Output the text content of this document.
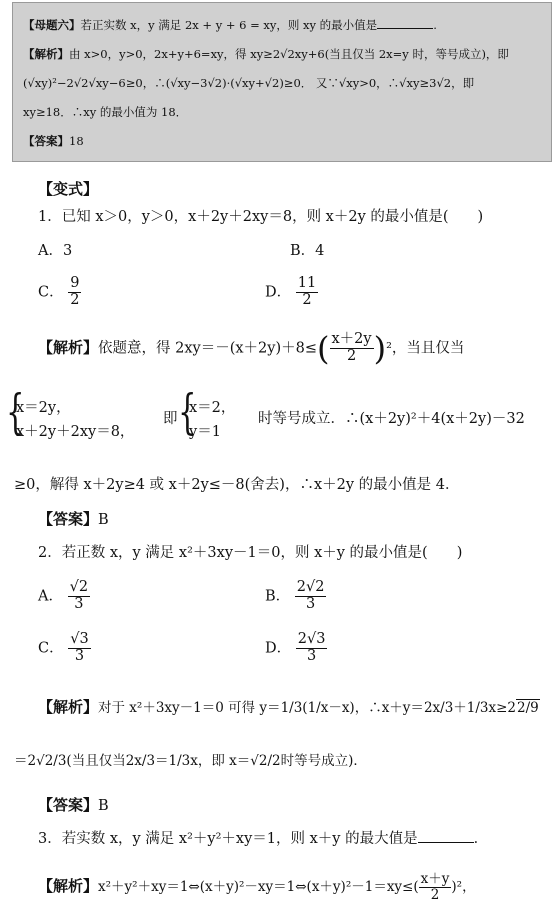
【母题六】若正实数 x，y 满足 2x + y + 6 = xy，则 xy 的最小值是	.

【解析】由 x>0，y>0，2x+y+6=xy，得 xy≥2√2xy+6(当且仅当 2x=y 时，等号成立)，即

(√xy)²−2√2√xy−6≥0，∴(√xy−3√2)·(√xy+√2)≥0． 又∵√xy>0，∴√xy≥3√2，即

xy≥18．∴xy 的最小值为 18．

【答案】18

【变式】
1．已知 x＞0，y＞0，x＋2y＋2xy＝8，则 x＋2y 的最小值是(　　)
A．3	B．4
C． $\frac{9}{2}$	D． $\frac{11}{2}$
【解析】依题意，得 $2xy=-(x+2y)+8\le( \frac{x+2y}{2} )^2$，当且仅当
{
x＝2y，
x＋2y＋2xy＝8，
即 {
x＝2，
y＝1
时等号成立．∴(x＋2y)²＋4(x＋2y)－32
≥0，解得 x＋2y≥4 或 x＋2y≤－8(舍去)，∴x＋2y 的最小值是 4．
【答案】B
2．若正数 x，y 满足 x²＋3xy－1＝0，则 x＋y 的最小值是(　　)
A． $\frac{√2}{3}$	B． $\frac{2√2}{3}$
C． $\frac{√3}{3}$	D． $\frac{2√3}{3}$
【解析】对于 x²＋3xy－1＝0 可得 y＝1/3(1/x－x)，∴x＋y＝2x/3＋1/3x≥22/9
＝2√2/3(当且仅当2x/3＝1/3x，即 x＝√2/2时等号成立)．
【答案】B
3．若实数 x，y 满足 x²＋y²＋xy＝1，则 x＋y 的最大值是	．
【解析】x²＋y²＋xy＝1⇔(x＋y)²－xy＝1⇔(x＋y)²－1＝xy≤( $\frac{x+y}{2} )^2$，
